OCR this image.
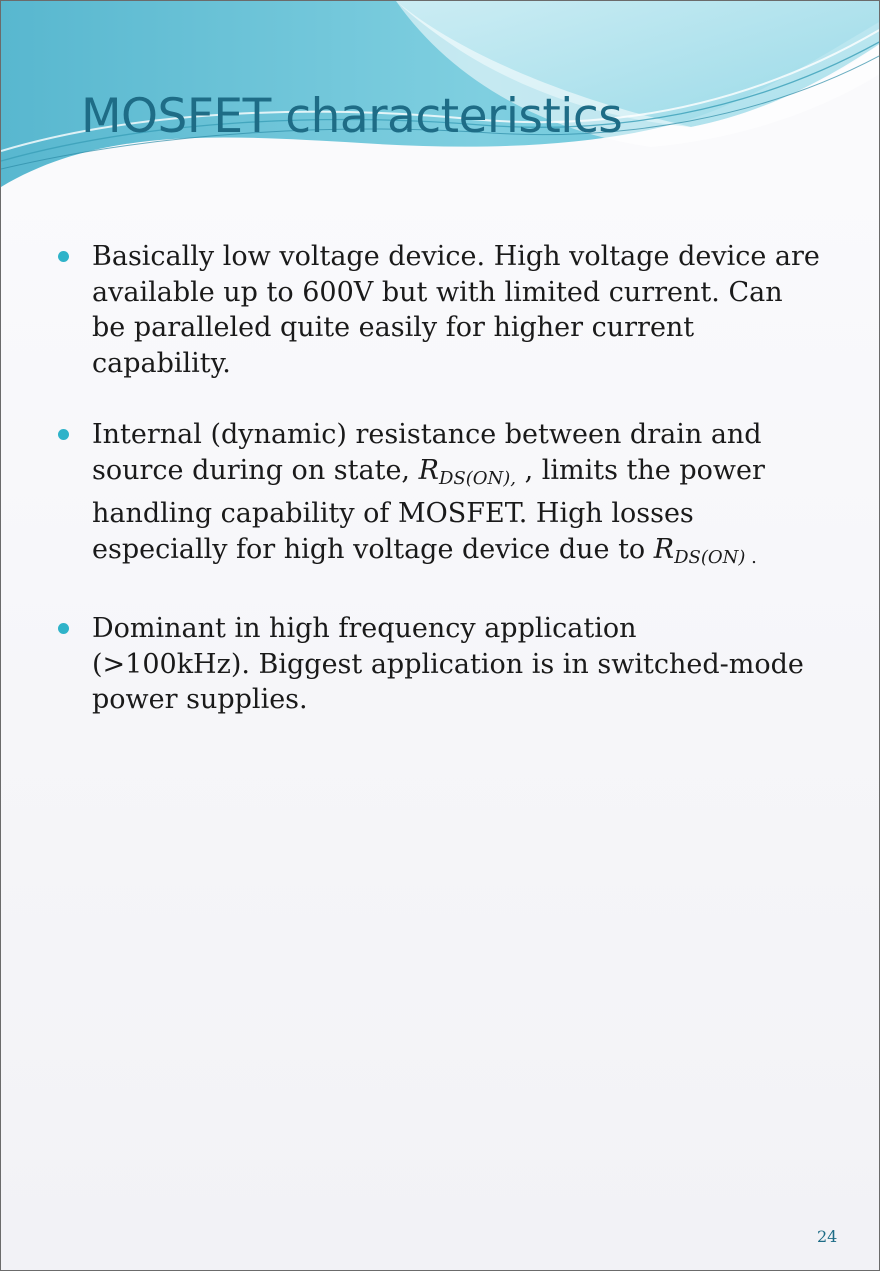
MOSFET characteristics
Basically low voltage device. High voltage device are
available up to 600V but with limited current. Can
be paralleled quite easily for higher current
capability.
Internal (dynamic) resistance between drain and
source during on state, RDS(ON), , limits the power
handling capability of MOSFET. High losses
especially for high voltage device due to RDS(ON) .
Dominant in high frequency application
(>100kHz). Biggest application is in switched-mode
power supplies.
24
